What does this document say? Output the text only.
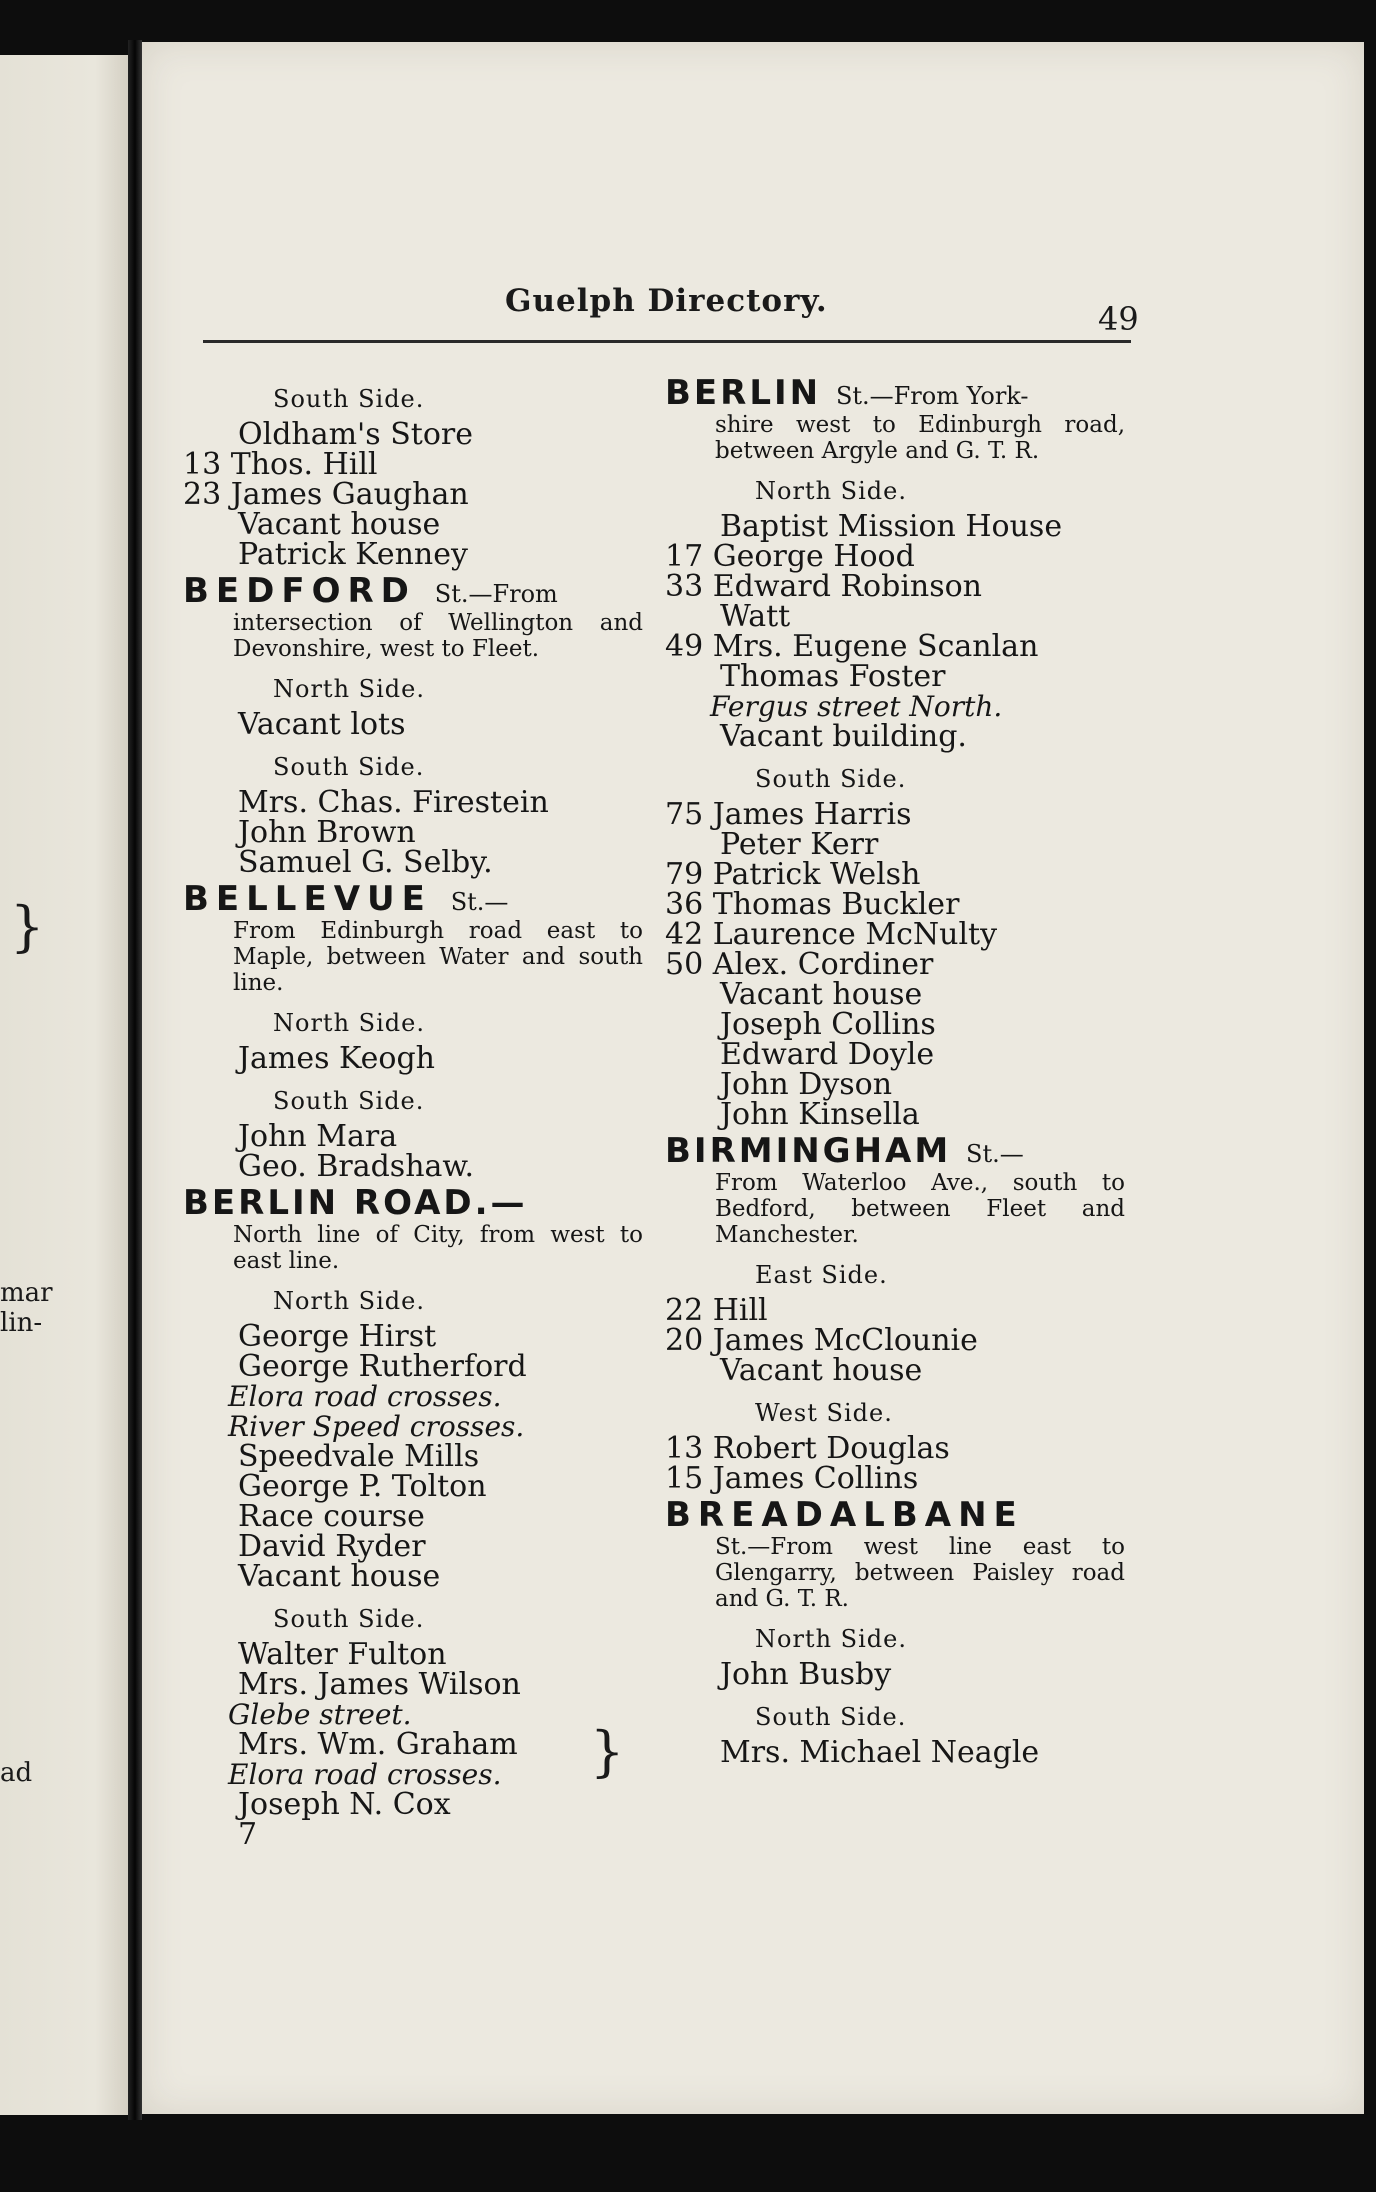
mar
lin-
ad
}
Guelph Directory.	49
South Side.
Oldham's Store
13 Thos. Hill
23 James Gaughan
Vacant house
Patrick Kenney
BEDFORD St.—From
intersection of Wellington and Devonshire, west to Fleet.
North Side.
Vacant lots
South Side.
Mrs. Chas. Firestein
John Brown
Samuel G. Selby.
BELLEVUE St.—
From Edinburgh road east to Maple, between Water and south line.
North Side.
James Keogh
South Side.
John Mara
Geo. Bradshaw.
BERLIN ROAD.—
North line of City, from west to east line.
North Side.
George Hirst
George Rutherford
Elora road crosses.
River Speed crosses.
Speedvale Mills
George P. Tolton
Race course
David Ryder
Vacant house
South Side.
Walter Fulton
Mrs. James Wilson
Glebe street.
Mrs. Wm. Graham
Elora road crosses.
Joseph N. Cox
7
}
BERLIN St.—From York-
shire west to Edinburgh road, between Argyle and G. T. R.
North Side.
Baptist Mission House
17 George Hood
33 Edward Robinson
Watt
49 Mrs. Eugene Scanlan
Thomas Foster
Fergus street North.
Vacant building.
South Side.
75 James Harris
Peter Kerr
79 Patrick Welsh
36 Thomas Buckler
42 Laurence McNulty
50 Alex. Cordiner
Vacant house
Joseph Collins
Edward Doyle
John Dyson
John Kinsella
BIRMINGHAM St.—
From Waterloo Ave., south to Bedford, between Fleet and Manchester.
East Side.
22 Hill
20 James McClounie
Vacant house
West Side.
13 Robert Douglas
15 James Collins
BREADALBANE
St.—From west line east to Glengarry, between Paisley road and G. T. R.
North Side.
John Busby
South Side.
Mrs. Michael Neagle
